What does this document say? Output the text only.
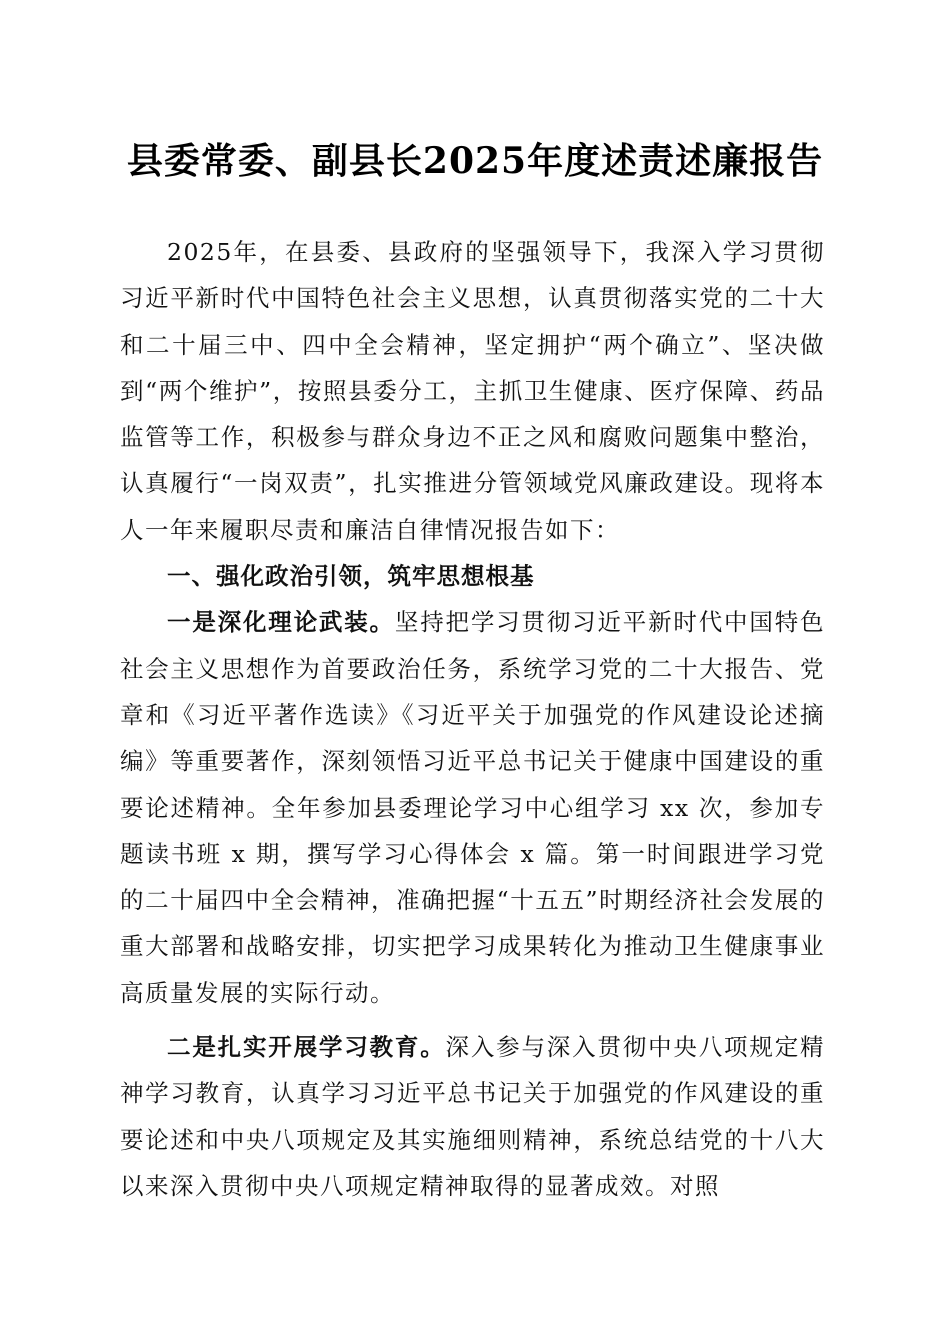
县委常委、副县长2025年度述责述廉报告

2025年，在县委、县政府的坚强领导下，我深入学习贯彻习近平新时代中国特色社会主义思想，认真贯彻落实党的二十大和二十届三中、四中全会精神，坚定拥护“两个确立”、坚决做到“两个维护”，按照县委分工，主抓卫生健康、医疗保障、药品监管等工作，积极参与群众身边不正之风和腐败问题集中整治，认真履行“一岗双责”，扎实推进分管领域党风廉政建设。现将本人一年来履职尽责和廉洁自律情况报告如下：

一、强化政治引领，筑牢思想根基

一是深化理论武装。坚持把学习贯彻习近平新时代中国特色社会主义思想作为首要政治任务，系统学习党的二十大报告、党章和《习近平著作选读》《习近平关于加强党的作风建设论述摘编》等重要著作，深刻领悟习近平总书记关于健康中国建设的重要论述精神。全年参加县委理论学习中心组学习 xx 次，参加专题读书班 x 期，撰写学习心得体会 x 篇。第一时间跟进学习党的二十届四中全会精神，准确把握“十五五”时期经济社会发展的重大部署和战略安排，切实把学习成果转化为推动卫生健康事业高质量发展的实际行动。

二是扎实开展学习教育。深入参与深入贯彻中央八项规定精神学习教育，认真学习习近平总书记关于加强党的作风建设的重要论述和中央八项规定及其实施细则精神，系统总结党的十八大以来深入贯彻中央八项规定精神取得的显著成效。对照
